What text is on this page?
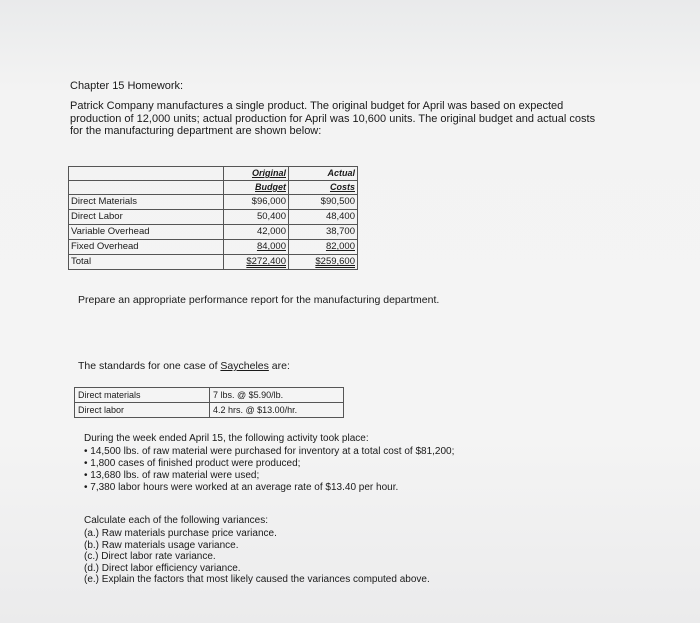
Chapter 15 Homework:
Patrick Company manufactures a single product. The original budget for April was based on expected production of 12,000 units; actual production for April was 10,600 units. The original budget and actual costs for the manufacturing department are shown below:
	Original	Actual
	Budget	Costs
Direct Materials	$96,000	$90,500
Direct Labor	50,400	48,400
Variable Overhead	42,000	38,700
Fixed Overhead	84,000	82,000
Total	$272,400	$259,600
Prepare an appropriate performance report for the manufacturing department.
The standards for one case of Saycheles are:
Direct materials	7 lbs. @ $5.90/lb.
Direct labor	4.2 hrs. @ $13.00/hr.
During the week ended April 15, the following activity took place:
• 14,500 lbs. of raw material were purchased for inventory at a total cost of $81,200;
• 1,800 cases of finished product were produced;
• 13,680 lbs. of raw material were used;
• 7,380 labor hours were worked at an average rate of $13.40 per hour.
Calculate each of the following variances:
(a.) Raw materials purchase price variance.
(b.) Raw materials usage variance.
(c.) Direct labor rate variance.
(d.) Direct labor efficiency variance.
(e.) Explain the factors that most likely caused the variances computed above.
